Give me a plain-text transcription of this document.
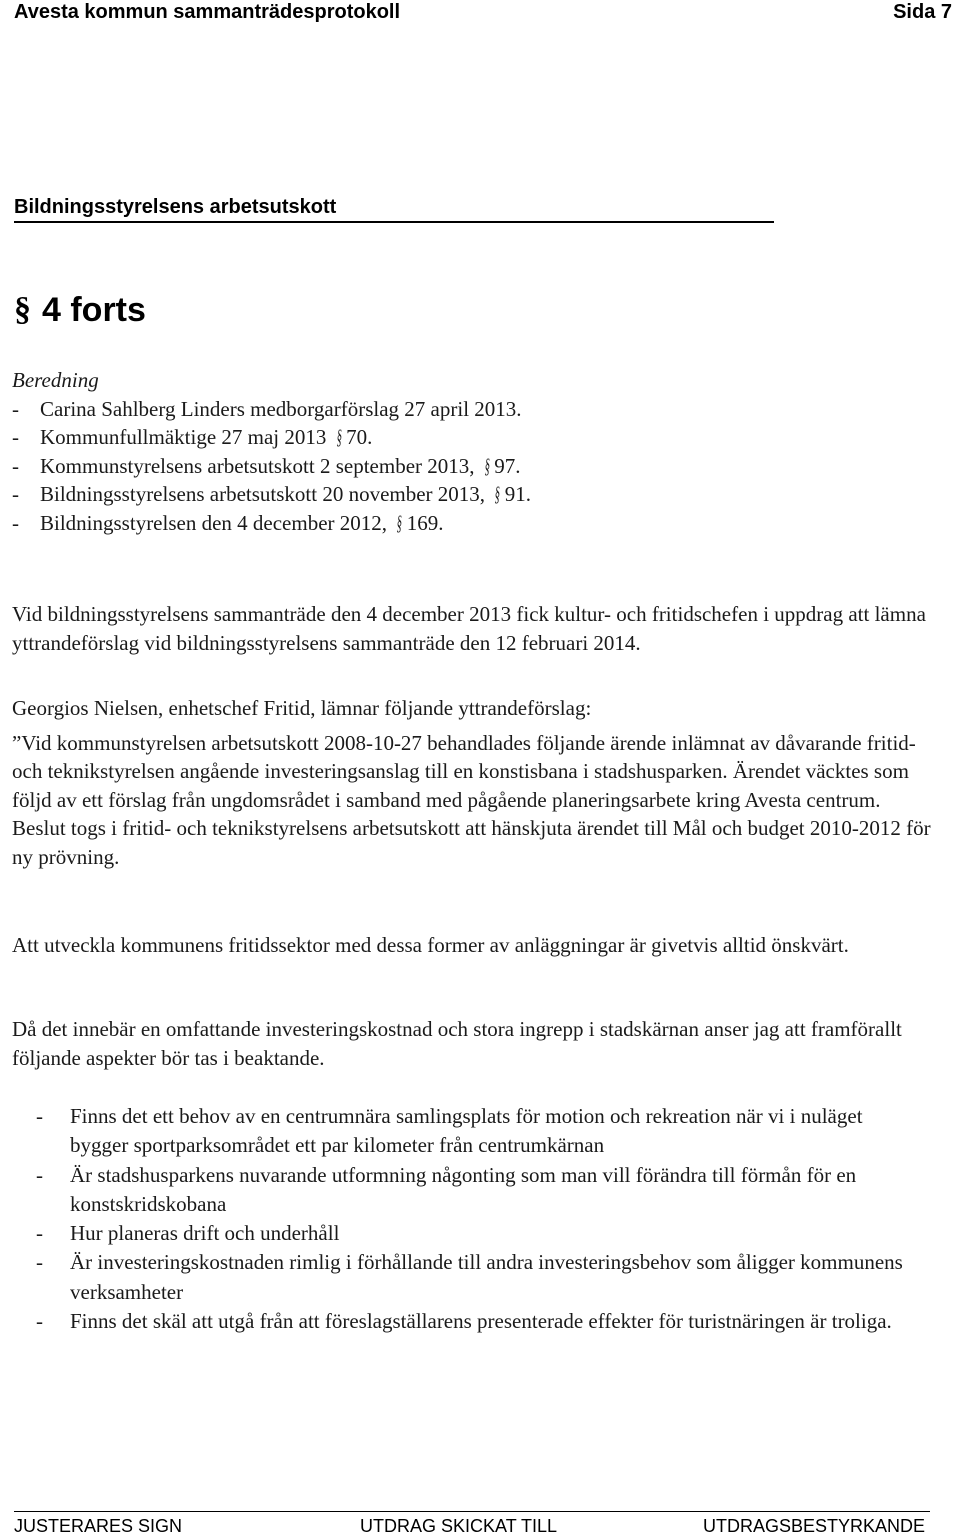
Avesta kommun sammanträdesprotokoll	Sida 7
Bildningsstyrelsens arbetsutskott
§ 4 forts
Beredning
- Carina Sahlberg Linders medborgarförslag 27 april 2013.
- Kommunfullmäktige 27 maj 2013 § 70.
- Kommunstyrelsens arbetsutskott 2 september 2013, § 97.
- Bildningsstyrelsens arbetsutskott 20 november 2013, § 91.
- Bildningsstyrelsen den 4 december 2012, § 169.
Vid bildningsstyrelsens sammanträde den 4 december 2013 fick kultur- och fritidschefen i uppdrag att lämna yttrandeförslag vid bildningsstyrelsens sammanträde den 12 februari 2014.

Georgios Nielsen, enhetschef Fritid, lämnar följande yttrandeförslag:

”Vid kommunstyrelsen arbetsutskott 2008-10-27 behandlades följande ärende inlämnat av dåvarande fritid- och teknikstyrelsen angående investeringsanslag till en konstisbana i stadshusparken. Ärendet väcktes som följd av ett förslag från ungdomsrådet i samband med pågående planeringsarbete kring Avesta centrum.

Beslut togs i fritid- och teknikstyrelsens arbetsutskott att hänskjuta ärendet till Mål och budget 2010-2012 för ny prövning.

Att utveckla kommunens fritidssektor med dessa former av anläggningar är givetvis alltid önskvärt.
Då det innebär en omfattande investeringskostnad och stora ingrepp i stadskärnan anser jag att framförallt följande aspekter bör tas i beaktande.
-	Finns det ett behov av en centrumnära samlingsplats för motion och rekreation när vi i nuläget bygger sportparksområdet ett par kilometer från centrumkärnan
-	Är stadshusparkens nuvarande utformning någonting som man vill förändra till förmån för en konstskridskobana
-	Hur planeras drift och underhåll
-	Är investeringskostnaden rimlig i förhållande till andra investeringsbehov som åligger kommunens verksamheter
-	Finns det skäl att utgå från att föreslagställarens presenterade effekter för turistnäringen är troliga.
JUSTERARES SIGN	UTDRAG SKICKAT TILL	UTDRAGSBESTYRKANDE
